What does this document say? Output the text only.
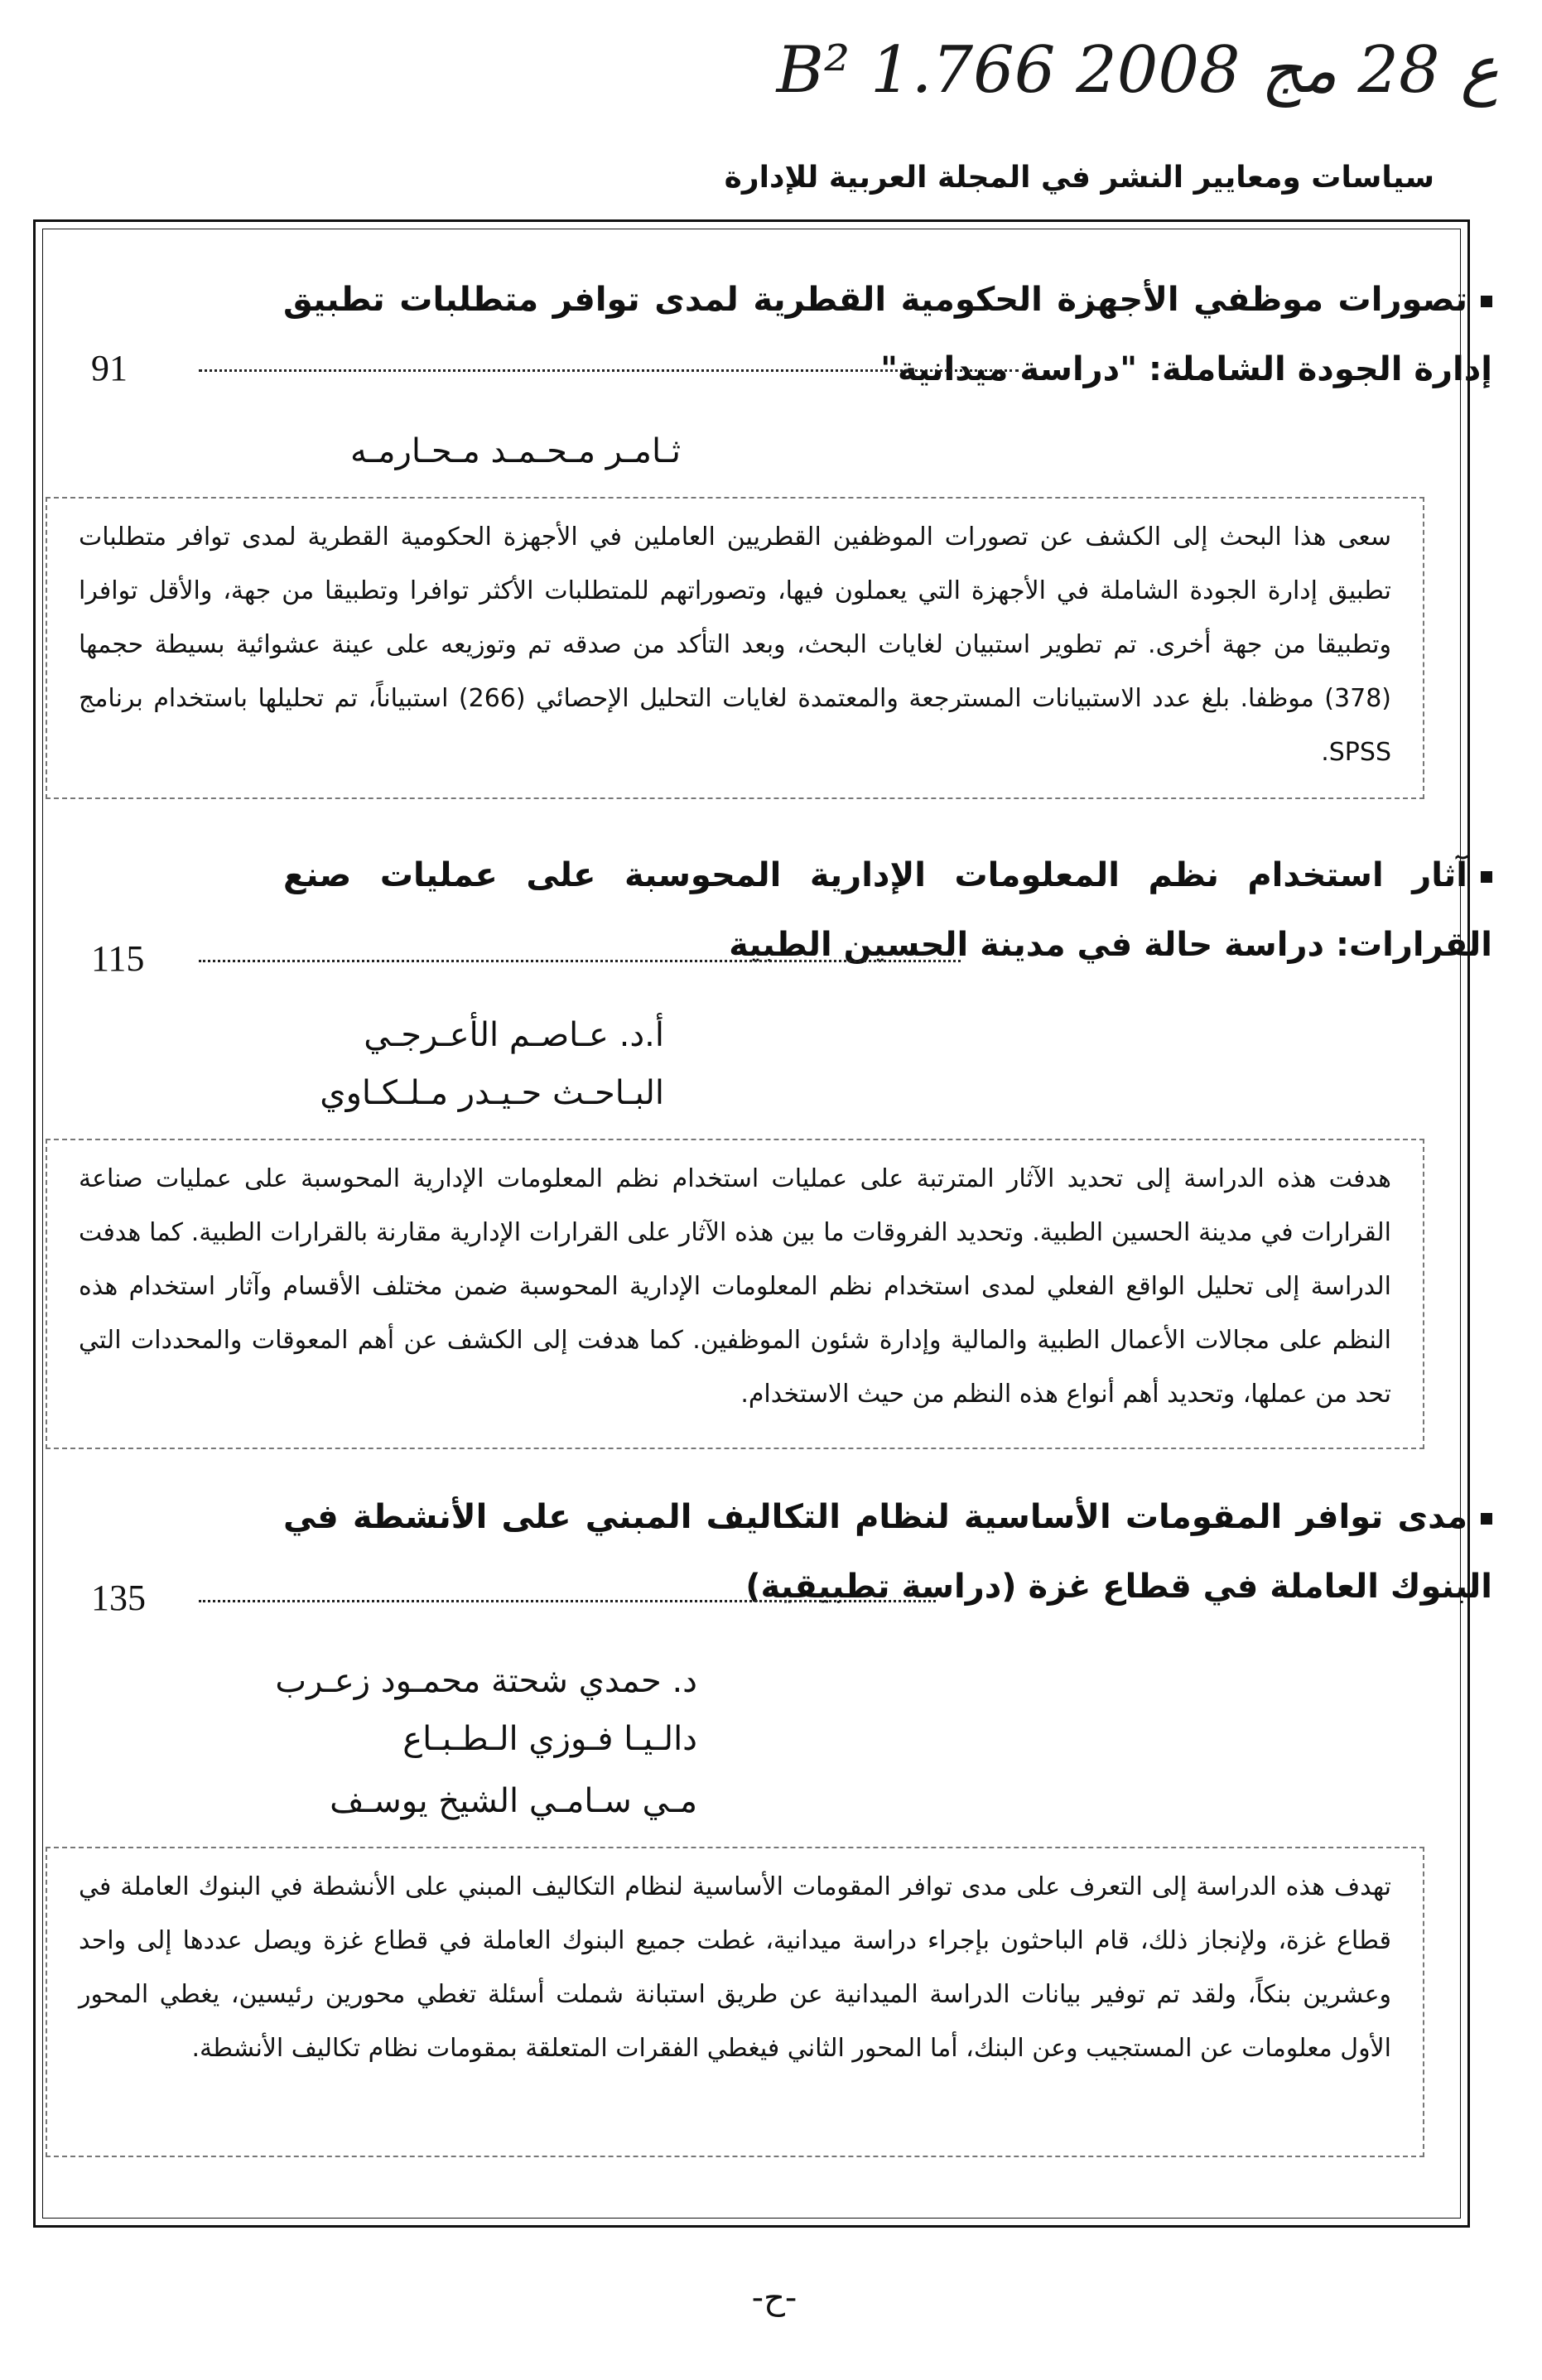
B² 1.ع 28 مج 2008 766
سياسات ومعايير النشر في المجلة العربية للإدارة
تصورات موظفي الأجهزة الحكومية القطرية لمدى توافر متطلبات تطبيق إدارة الجودة الشاملة: "دراسة ميدانية"
91
ثـامـر مـحـمـد مـحـارمـه
سعى هذا البحث إلى الكشف عن تصورات الموظفين القطريين العاملين في الأجهزة الحكومية القطرية لمدى توافر متطلبات تطبيق إدارة الجودة الشاملة في الأجهزة التي يعملون فيها، وتصوراتهم للمتطلبات الأكثر توافرا وتطبيقا من جهة، والأقل توافرا وتطبيقا من جهة أخرى. تم تطوير استبيان لغايات البحث، وبعد التأكد من صدقه تم وتوزيعه على عينة عشوائية بسيطة حجمها (378) موظفا. بلغ عدد الاستبيانات المسترجعة والمعتمدة لغايات التحليل الإحصائي (266) استبياناً، تم تحليلها باستخدام برنامج SPSS.
آثار استخدام نظم المعلومات الإدارية المحوسبة على عمليات صنع القرارات: دراسة حالة في مدينة الحسين الطبية
115
أ.د. عـاصـم الأعـرجـي
البـاحـث حـيـدر مـلـكـاوي
هدفت هذه الدراسة إلى تحديد الآثار المترتبة على عمليات استخدام نظم المعلومات الإدارية المحوسبة على عمليات صناعة القرارات في مدينة الحسين الطبية. وتحديد الفروقات ما بين هذه الآثار على القرارات الإدارية مقارنة بالقرارات الطبية. كما هدفت الدراسة إلى تحليل الواقع الفعلي لمدى استخدام نظم المعلومات الإدارية المحوسبة ضمن مختلف الأقسام وآثار استخدام هذه النظم على مجالات الأعمال الطبية والمالية وإدارة شئون الموظفين. كما هدفت إلى الكشف عن أهم المعوقات والمحددات التي تحد من عملها، وتحديد أهم أنواع هذه النظم من حيث الاستخدام.
مدى توافر المقومات الأساسية لنظام التكاليف المبني على الأنشطة في البنوك العاملة في قطاع غزة (دراسة تطبيقية)
135
د. حمدي شحتة محمـود زعـرب
دالـيـا فـوزي الـطـبـاع
مـي سـامـي الشيخ يوسـف
تهدف هذه الدراسة إلى التعرف على مدى توافر المقومات الأساسية لنظام التكاليف المبني على الأنشطة في البنوك العاملة في قطاع غزة، ولإنجاز ذلك، قام الباحثون بإجراء دراسة ميدانية، غطت جميع البنوك العاملة في قطاع غزة ويصل عددها إلى واحد وعشرين بنكاً، ولقد تم توفير بيانات الدراسة الميدانية عن طريق استبانة شملت أسئلة تغطي محورين رئيسين، يغطي المحور الأول معلومات عن المستجيب وعن البنك، أما المحور الثاني فيغطي الفقرات المتعلقة بمقومات نظام تكاليف الأنشطة.
-ح-
